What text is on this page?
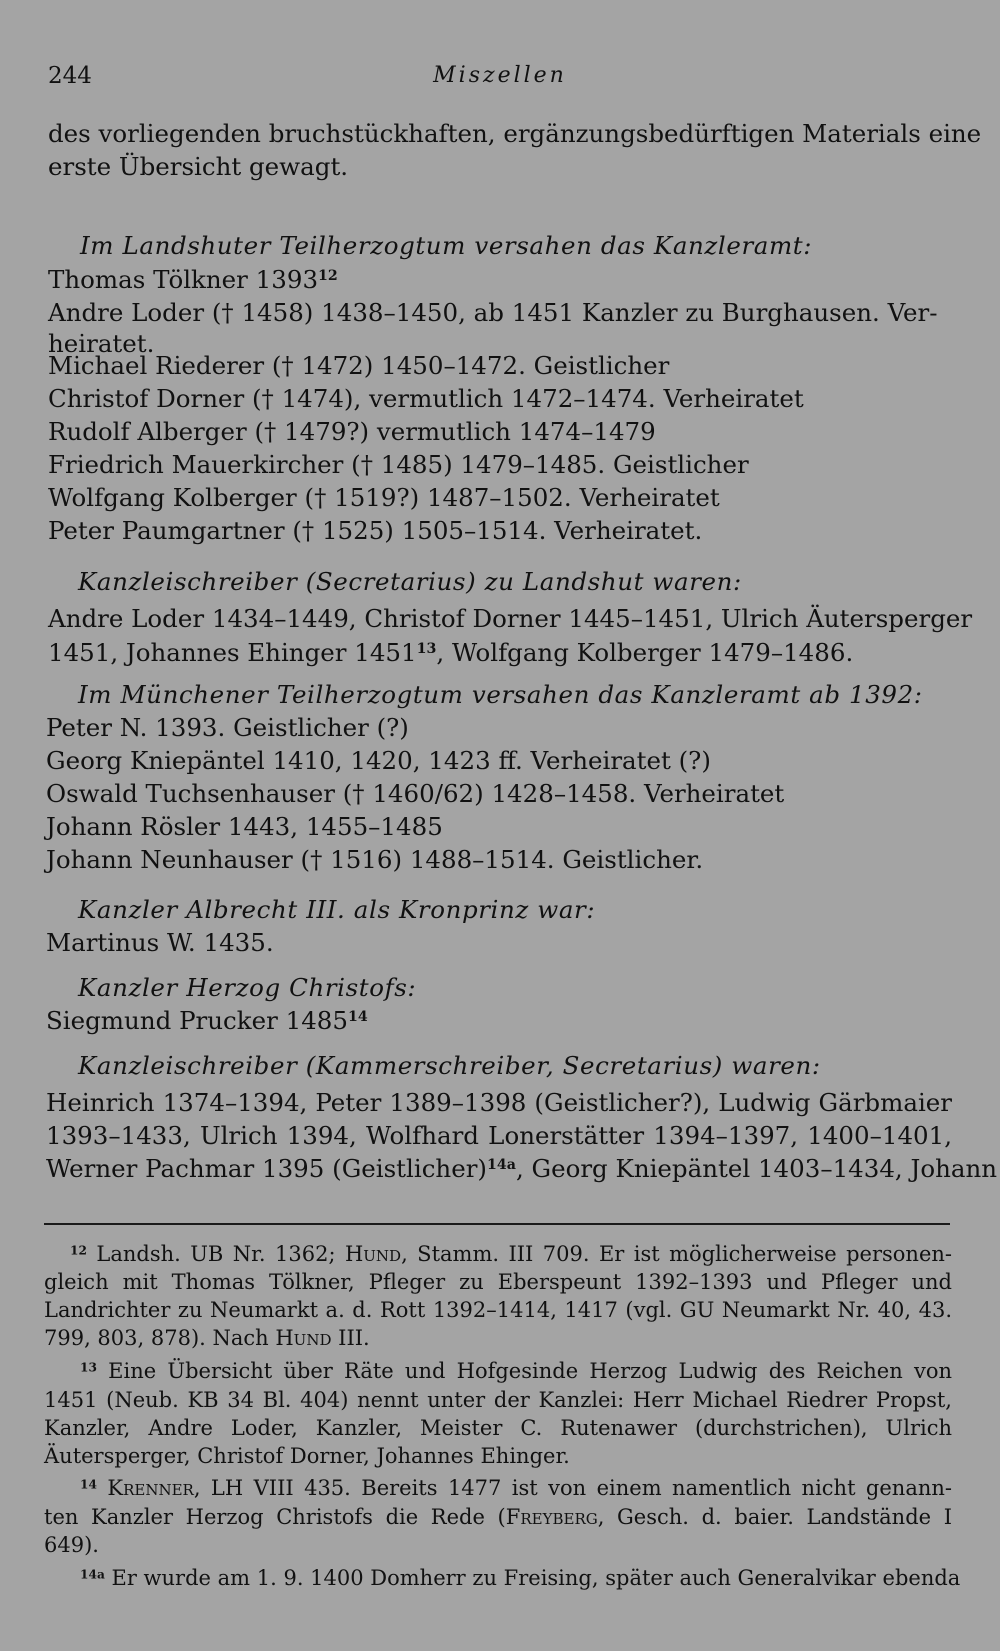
244	Miszellen
des vorliegenden bruchstückhaften, ergänzungsbedürftigen Materials eine
erste Übersicht gewagt.
Im Landshuter Teilherzogtum versahen das Kanzleramt:
Thomas Tölkner 1393$^{12}$
Andre Loder († 1458) 1438–1450, ab 1451 Kanzler zu Burghausen. Ver-
heiratet.
Michael Riederer († 1472) 1450–1472. Geistlicher
Christof Dorner († 1474), vermutlich 1472–1474. Verheiratet
Rudolf Alberger († 1479?) vermutlich 1474–1479
Friedrich Mauerkircher († 1485) 1479–1485. Geistlicher
Wolfgang Kolberger († 1519?) 1487–1502. Verheiratet
Peter Paumgartner († 1525) 1505–1514. Verheiratet.
Kanzleischreiber (Secretarius) zu Landshut waren:
Andre Loder 1434–1449, Christof Dorner 1445–1451, Ulrich Äutersperger
1451, Johannes Ehinger 1451$^{13}$, Wolfgang Kolberger 1479–1486.
Im Münchener Teilherzogtum versahen das Kanzleramt ab 1392:
Peter N. 1393. Geistlicher (?)
Georg Kniepäntel 1410, 1420, 1423 ff. Verheiratet (?)
Oswald Tuchsenhauser († 1460/62) 1428–1458. Verheiratet
Johann Rösler 1443, 1455–1485
Johann Neunhauser († 1516) 1488–1514. Geistlicher.
Kanzler Albrecht III. als Kronprinz war:
Martinus W. 1435.
Kanzler Herzog Christofs:
Siegmund Prucker 1485$^{14}$
Kanzleischreiber (Kammerschreiber, Secretarius) waren:
Heinrich 1374–1394, Peter 1389–1398 (Geistlicher?), Ludwig Gärbmaier
1393–1433, Ulrich 1394, Wolfhard Lonerstätter 1394–1397, 1400–1401,
Werner Pachmar 1395 (Geistlicher)$^{14a}$, Georg Kniepäntel 1403–1434, Johann
$^{12}$ Landsh. UB Nr. 1362; Hund, Stamm. III 709. Er ist möglicherweise personen-
gleich mit Thomas Tölkner, Pfleger zu Eberspeunt 1392–1393 und Pfleger und
Landrichter zu Neumarkt a. d. Rott 1392–1414, 1417 (vgl. GU Neumarkt Nr. 40, 43.
799, 803, 878). Nach Hund III.
$^{13}$ Eine Übersicht über Räte und Hofgesinde Herzog Ludwig des Reichen von
1451 (Neub. KB 34 Bl. 404) nennt unter der Kanzlei: Herr Michael Riedrer Propst,
Kanzler, Andre Loder, Kanzler, Meister C. Rutenawer (durchstrichen), Ulrich
Äutersperger, Christof Dorner, Johannes Ehinger.
$^{14}$ Krenner, LH VIII 435. Bereits 1477 ist von einem namentlich nicht genann-
ten Kanzler Herzog Christofs die Rede (Freyberg, Gesch. d. baier. Landstände I
649).
$^{14a}$ Er wurde am 1. 9. 1400 Domherr zu Freising, später auch Generalvikar ebenda
